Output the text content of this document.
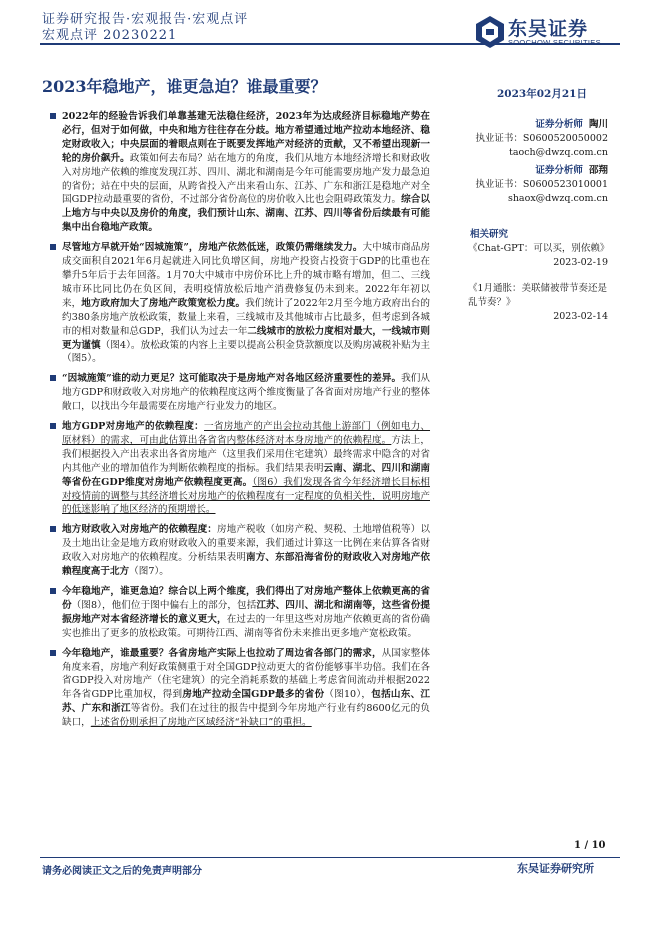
证券研究报告·宏观报告·宏观点评
宏观点评 20230221	东吴证券
SOOCHOW SECURITIES
2023年稳地产，谁更急迫？谁最重要？	2023年02月21日
2022年的经验告诉我们单靠基建无法稳住经济，2023年为达成经济目标稳地产势在必行，但对于如何做，中央和地方往往存在分歧。地方希望通过地产拉动本地经济、稳定财政收入；中央层面的着眼点则在于既要发挥地产对经济的贡献，又不希望出现新一轮的房价飙升。政策如何去布局？站在地方的角度，我们从地方本地经济增长和财政收入对房地产依赖的维度发现江苏、四川、湖北和湖南是今年可能需要房地产发力最急迫的省份；站在中央的层面，从跨省投入产出来看山东、江苏、广东和浙江是稳地产对全国GDP拉动最重要的省份，不过部分省份高位的房价收入比也会阻碍政策发力。综合以上地方与中央以及房价的角度，我们预计山东、湖南、江苏、四川等省份后续最有可能集中出台稳地产政策。
尽管地方早就开始“因城施策”，房地产依然低迷，政策仍需继续发力。大中城市商品房成交面积自2021年6月起就进入同比负增区间，房地产投资占投资于GDP的比重也在攀升5年后于去年回落。1月70大中城市中房价环比上升的城市略有增加，但二、三线城市环比同比仍在负区间，表明疫情放松后地产消费修复仍未到来。2022年年初以来，地方政府加大了房地产政策宽松力度。我们统计了2022年2月至今地方政府出台的约380条房地产放松政策，数量上来看，三线城市及其他城市占比最多，但考虑到各城市的相对数量和总GDP，我们认为过去一年二线城市的放松力度相对最大，一线城市则更为谨慎（图4）。放松政策的内容上主要以提高公积金贷款额度以及购房减税补贴为主（图5）。
“因城施策”谁的动力更足？这可能取决于是房地产对各地区经济重要性的差异。我们从地方GDP和财政收入对房地产的依赖程度这两个维度衡量了各省面对房地产行业的整体敞口，以找出今年最需要在房地产行业发力的地区。
地方GDP对房地产的依赖程度：一省房地产的产出会拉动其他上游部门（例如电力、原材料）的需求，可由此估算出各省省内整体经济对本身房地产的依赖程度。方法上，我们根据投入产出表求出各省房地产（这里我们采用住宅建筑）最终需求中隐含的对省内其他产业的增加值作为判断依赖程度的指标。我们结果表明云南、湖北、四川和湖南等省份在GDP维度对房地产依赖程度更高。（图6）我们发现各省今年经济增长目标相对疫情前的调整与其经济增长对房地产的依赖程度有一定程度的负相关性，说明房地产的低迷影响了地区经济的预期增长。
地方财政收入对房地产的依赖程度：房地产税收（如房产税、契税、土地增值税等）以及土地出让金是地方政府财政收入的重要来源，我们通过计算这一比例在来估算各省财政收入对房地产的依赖程度。分析结果表明南方、东部沿海省份的财政收入对房地产依赖程度高于北方（图7）。
今年稳地产，谁更急迫？综合以上两个维度，我们得出了对房地产整体上依赖更高的省份（图8），他们位于图中偏右上的部分，包括江苏、四川、湖北和湖南等，这些省份提振房地产对本省经济增长的意义更大，在过去的一年里这些对房地产依赖更高的省份确实也推出了更多的放松政策。可期待江西、湖南等省份未来推出更多地产宽松政策。
今年稳地产，谁最重要？各省房地产实际上也拉动了周边省各部门的需求，从国家整体角度来看，房地产利好政策侧重于对全国GDP拉动更大的省份能够事半功倍。我们在各省GDP投入对房地产（住宅建筑）的完全消耗系数的基础上考虑省间流动并根据2022年各省GDP比重加权，得到房地产拉动全国GDP最多的省份（图10），包括山东、江苏、广东和浙江等省份。我们在过往的报告中提到今年房地产行业有约8600亿元的负缺口，上述省份则承担了房地产区域经济“补缺口”的重担。
证券分析师 陶川
执业证书：S0600520050002
taoch@dwzq.com.cn
证券分析师 邵翔
执业证书：S0600523010001
shaox@dwzq.com.cn
相关研究
《Chat-GPT：可以买，别依赖》
2023-02-19
《1月通胀：美联储被带节奏还是乱节奏？》
2023-02-14
1 / 10
请务必阅读正文之后的免责声明部分	东吴证券研究所
